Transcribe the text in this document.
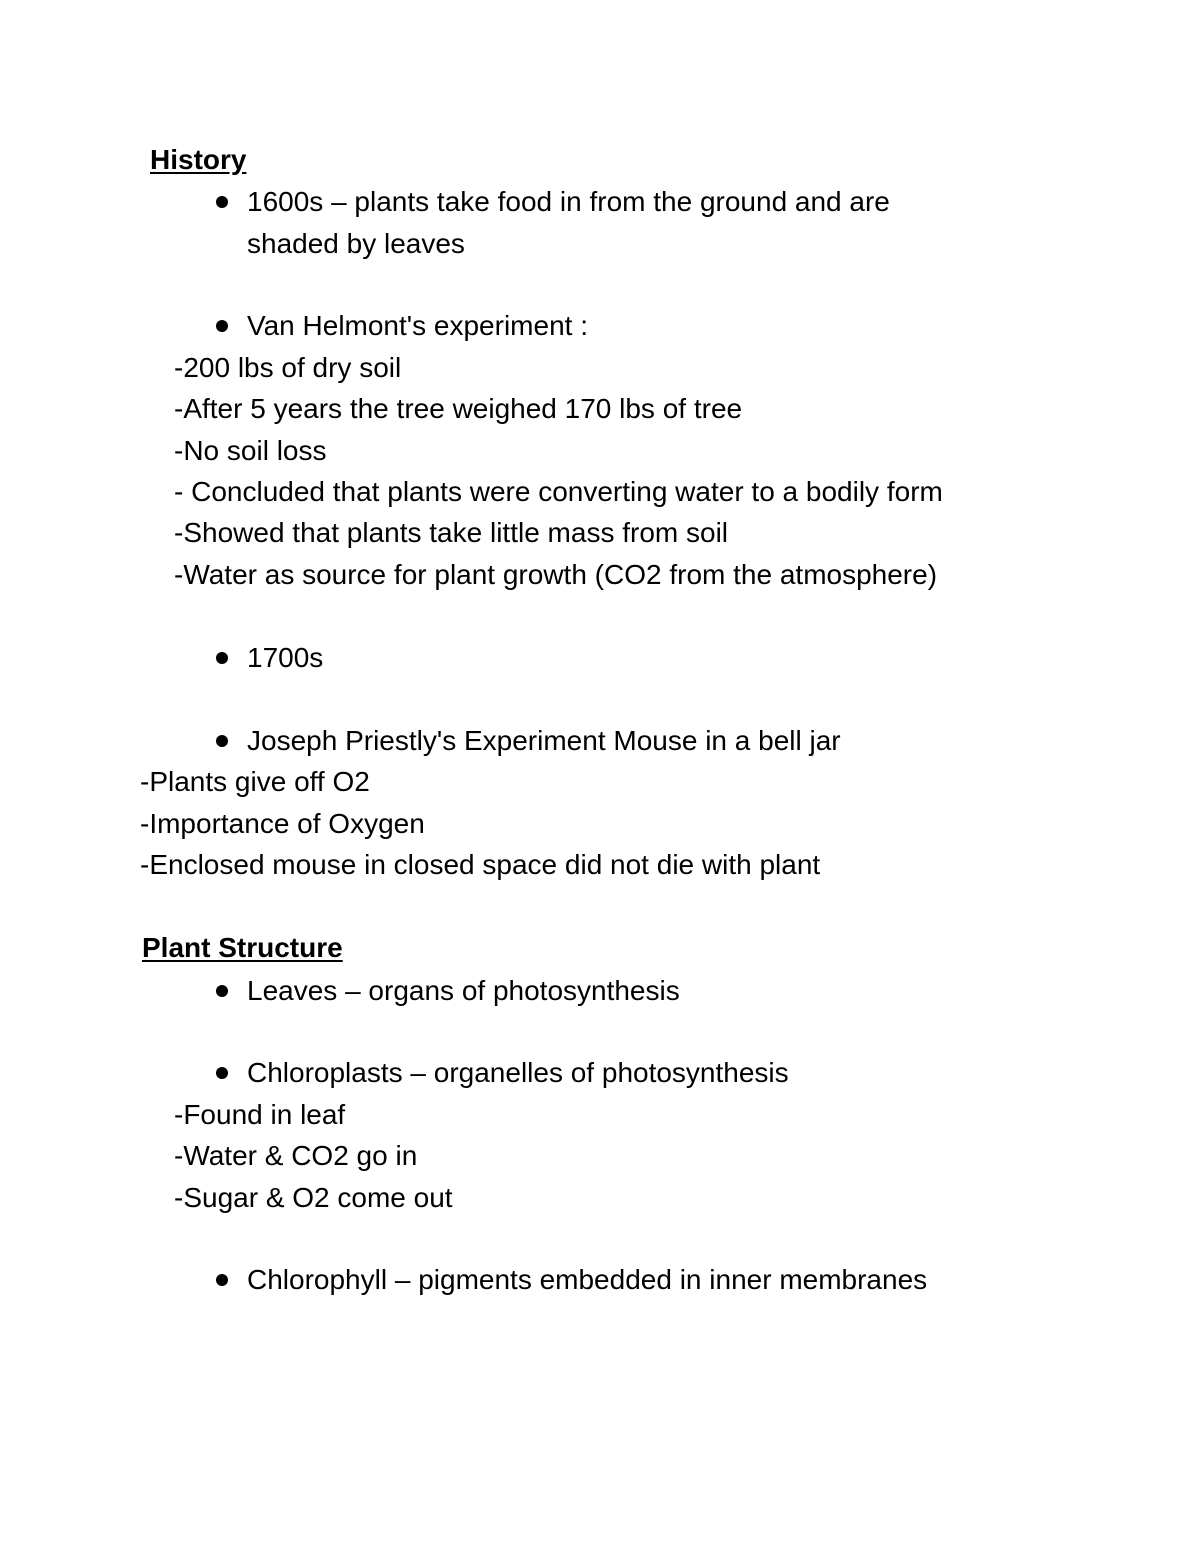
History
1600s – plants take food in from the ground and are
shaded by leaves
Van Helmont's experiment :
-200 lbs of dry soil
-After 5 years the tree weighed 170 lbs of tree
-No soil loss
- Concluded that plants were converting water to a bodily form
-Showed that plants take little mass from soil
-Water as source for plant growth (CO2 from the atmosphere)
1700s
Joseph Priestly's Experiment Mouse in a bell jar
-Plants give off O2
-Importance of Oxygen
-Enclosed mouse in closed space did not die with plant
Plant Structure
Leaves – organs of photosynthesis
Chloroplasts – organelles of photosynthesis
-Found in leaf
-Water & CO2 go in
-Sugar & O2 come out
Chlorophyll – pigments embedded in inner membranes
